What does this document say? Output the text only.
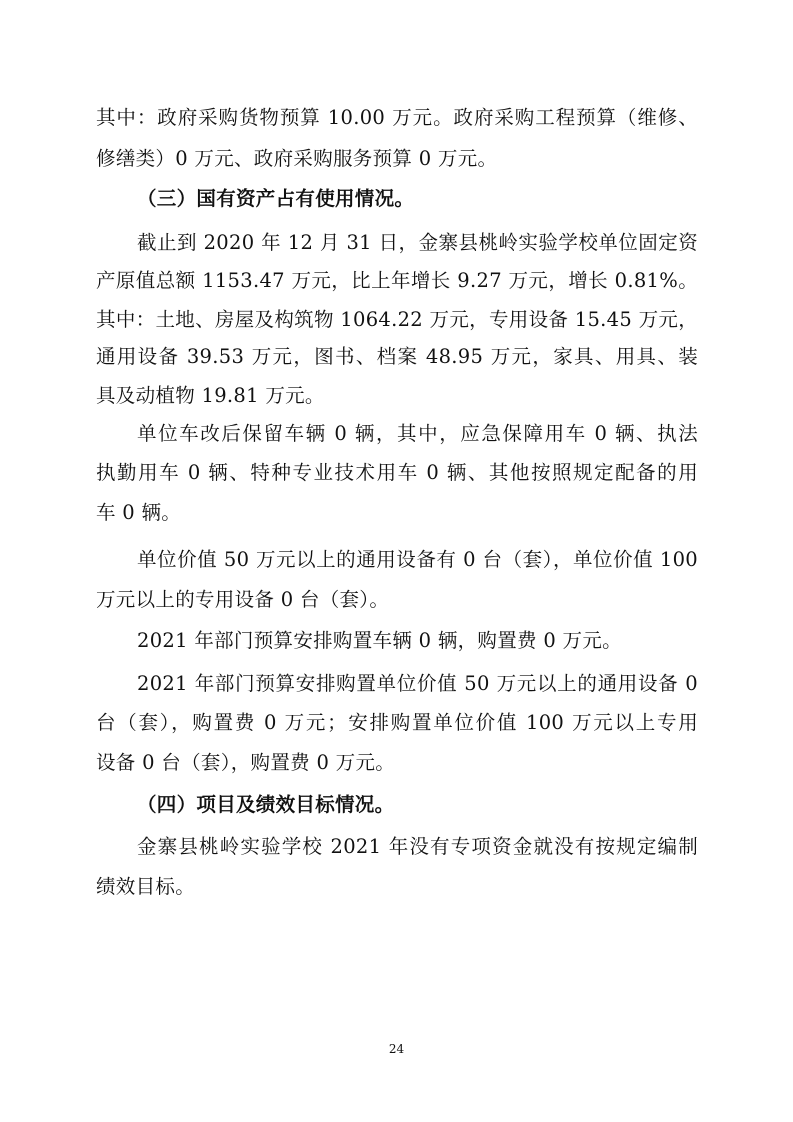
其中：政府采购货物预算 10.00 万元。政府采购工程预算（维修、
修缮类）0 万元、政府采购服务预算 0 万元。
（三）国有资产占有使用情况。
截止到 2020 年 12 月 31 日，金寨县桃岭实验学校单位固定资
产原值总额 1153.47 万元，比上年增长 9.27 万元，增长 0.81%。
其中：土地、房屋及构筑物 1064.22 万元，专用设备 15.45 万元，
通用设备 39.53 万元，图书、档案 48.95 万元，家具、用具、装
具及动植物 19.81 万元。
单位车改后保留车辆 0 辆，其中，应急保障用车 0 辆、执法
执勤用车 0 辆、特种专业技术用车 0 辆、其他按照规定配备的用
车 0 辆。
单位价值 50 万元以上的通用设备有 0 台（套），单位价值 100
万元以上的专用设备 0 台（套）。
2021 年部门预算安排购置车辆 0 辆，购置费 0 万元。
2021 年部门预算安排购置单位价值 50 万元以上的通用设备 0
台（套），购置费 0 万元；安排购置单位价值 100 万元以上专用
设备 0 台（套），购置费 0 万元。
（四）项目及绩效目标情况。
金寨县桃岭实验学校 2021 年没有专项资金就没有按规定编制
绩效目标。
24
